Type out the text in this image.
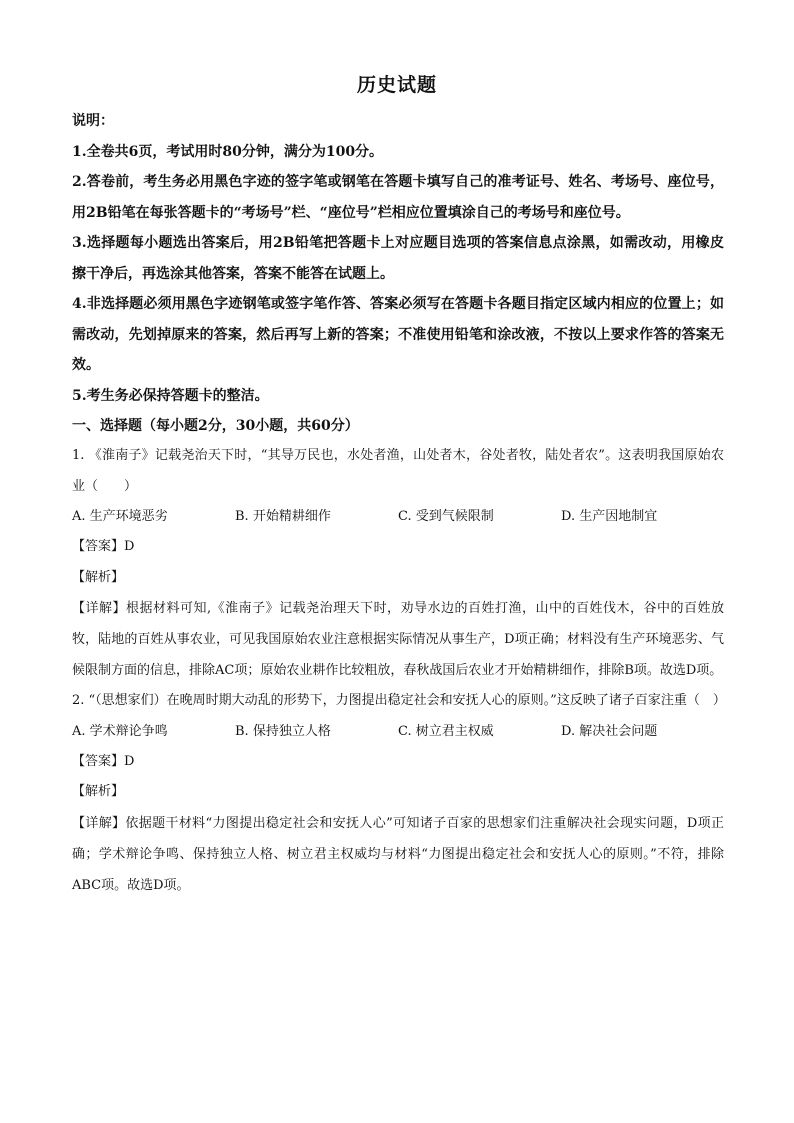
历史试题

说明：

1.全卷共6页，考试用时80分钟，满分为100分。

2.答卷前，考生务必用黑色字迹的签字笔或钢笔在答题卡填写自己的准考证号、姓名、考场号、座位号，用2B铅笔在每张答题卡的“考场号”栏、“座位号”栏相应位置填涂自己的考场号和座位号。

3.选择题每小题选出答案后，用2B铅笔把答题卡上对应题目选项的答案信息点涂黑，如需改动，用橡皮擦干净后，再选涂其他答案，答案不能答在试题上。

4.非选择题必须用黑色字迹钢笔或签字笔作答、答案必须写在答题卡各题目指定区域内相应的位置上；如需改动，先划掉原来的答案，然后再写上新的答案；不准使用铅笔和涂改液，不按以上要求作答的答案无效。

5.考生务必保持答题卡的整洁。

一、选择题（每小题2分，30小题，共60分）

1. 《淮南子》记载尧治天下时，“其导万民也，水处者渔，山处者木，谷处者牧，陆处者农”。这表明我国原始农业（　　）

A. 生产环境恶劣	B. 开始精耕细作	C. 受到气候限制	D. 生产因地制宜

【答案】D

【解析】

【详解】根据材料可知,《淮南子》记载尧治理天下时，劝导水边的百姓打渔，山中的百姓伐木，谷中的百姓放牧，陆地的百姓从事农业，可见我国原始农业注意根据实际情况从事生产，D项正确；材料没有生产环境恶劣、气候限制方面的信息，排除AC项；原始农业耕作比较粗放，春秋战国后农业才开始精耕细作，排除B项。故选D项。

2. “（思想家们）在晚周时期大动乱的形势下，力图提出稳定社会和安抚人心的原则。”这反映了诸子百家注重（　）

A. 学术辩论争鸣	B. 保持独立人格	C. 树立君主权威	D. 解决社会问题

【答案】D

【解析】

【详解】依据题干材料“力图提出稳定社会和安抚人心”可知诸子百家的思想家们注重解决社会现实问题，D项正确；学术辩论争鸣、保持独立人格、树立君主权威均与材料“力图提出稳定社会和安抚人心的原则。”不符，排除ABC项。故选D项。
